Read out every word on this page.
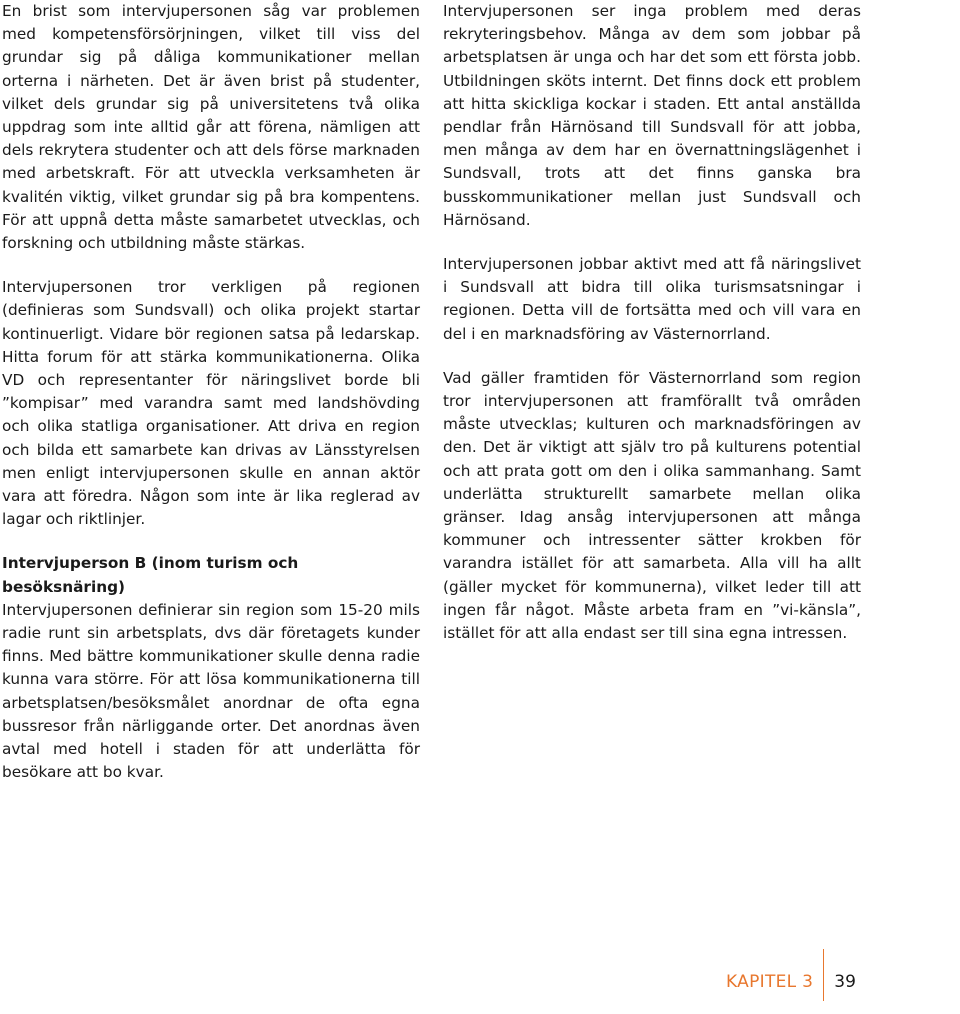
En brist som intervjupersonen såg var problemen med kompetensförsörjningen, vilket till viss del grundar sig på dåliga kommunikationer mellan orterna i närheten. Det är även brist på studenter, vilket dels grundar sig på universitetens två olika uppdrag som inte alltid går att förena, nämligen att dels rekrytera studenter och att dels förse marknaden med arbetskraft. För att utveckla verksamheten är kvalitén viktig, vilket grundar sig på bra kompentens. För att uppnå detta måste samarbetet utvecklas, och forskning och utbildning måste stärkas.

Intervjupersonen tror verkligen på regionen (definieras som Sundsvall) och olika projekt startar kontinuerligt. Vidare bör regionen satsa på ledarskap. Hitta forum för att stärka kommunikationerna. Olika VD och representanter för näringslivet borde bli ”kompisar” med varandra samt med landshövding och olika statliga organisationer. Att driva en region och bilda ett samarbete kan drivas av Länsstyrelsen men enligt intervjupersonen skulle en annan aktör vara att föredra. Någon som inte är lika reglerad av lagar och riktlinjer.

Intervjuperson B (inom turism och besöksnäring)

Intervjupersonen definierar sin region som 15-20 mils radie runt sin arbetsplats, dvs där företagets kunder finns. Med bättre kommunikationer skulle denna radie kunna vara större. För att lösa kommunikationerna till arbetsplatsen/besöksmålet anordnar de ofta egna bussresor från närliggande orter. Det anordnas även avtal med hotell i staden för att underlätta för besökare att bo kvar.

Intervjupersonen ser inga problem med deras rekryteringsbehov. Många av dem som jobbar på arbetsplatsen är unga och har det som ett första jobb. Utbildningen sköts internt. Det finns dock ett problem att hitta skickliga kockar i staden. Ett antal anställda pendlar från Härnösand till Sundsvall för att jobba, men många av dem har en övernattningslägenhet i Sundsvall, trots att det finns ganska bra busskommunikationer mellan just Sundsvall och Härnösand.

Intervjupersonen jobbar aktivt med att få näringslivet i Sundsvall att bidra till olika turismsatsningar i regionen. Detta vill de fortsätta med och vill vara en del i en marknadsföring av Västernorrland.

Vad gäller framtiden för Västernorrland som region tror intervjupersonen att framförallt två områden måste utvecklas; kulturen och marknadsföringen av den. Det är viktigt att själv tro på kulturens potential och att prata gott om den i olika sammanhang. Samt underlätta strukturellt samarbete mellan olika gränser. Idag ansåg intervjupersonen att många kommuner och intressenter sätter krokben för varandra istället för att samarbeta. Alla vill ha allt (gäller mycket för kommunerna), vilket leder till att ingen får något. Måste arbeta fram en ”vi-känsla”, istället för att alla endast ser till sina egna intressen.

KAPITEL 3	39
